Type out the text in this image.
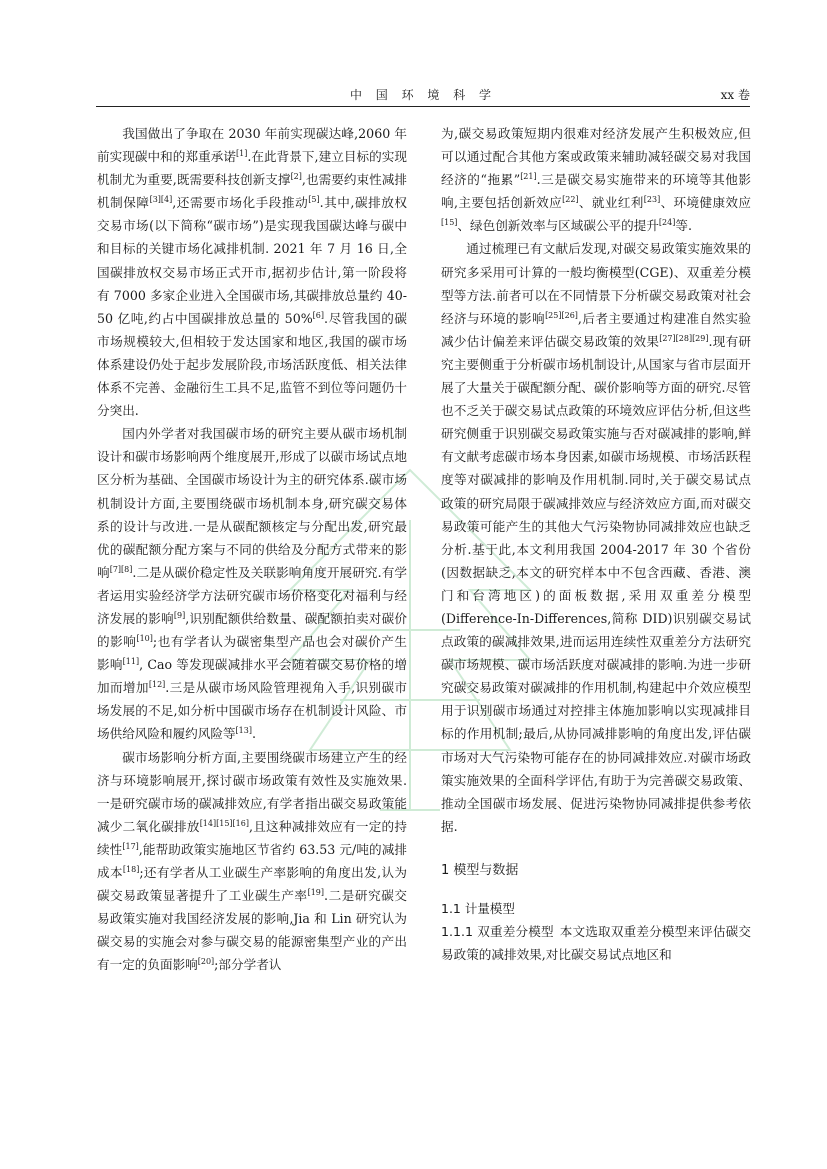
中 国 环 境 科 学	xx 卷

我国做出了争取在 2030 年前实现碳达峰,2060 年前实现碳中和的郑重承诺[1].在此背景下,建立目标的实现机制尤为重要,既需要科技创新支撑[2],也需要约束性减排机制保障[3][4],还需要市场化手段推动[5].其中,碳排放权交易市场(以下简称“碳市场”)是实现我国碳达峰与碳中和目标的关键市场化减排机制. 2021 年 7 月 16 日,全国碳排放权交易市场正式开市,据初步估计,第一阶段将有 7000 多家企业进入全国碳市场,其碳排放总量约 40-50 亿吨,约占中国碳排放总量的 50%[6].尽管我国的碳市场规模较大,但相较于发达国家和地区,我国的碳市场体系建设仍处于起步发展阶段,市场活跃度低、相关法律体系不完善、金融衍生工具不足,监管不到位等问题仍十分突出.

国内外学者对我国碳市场的研究主要从碳市场机制设计和碳市场影响两个维度展开,形成了以碳市场试点地区分析为基础、全国碳市场设计为主的研究体系.碳市场机制设计方面,主要围绕碳市场机制本身,研究碳交易体系的设计与改进.一是从碳配额核定与分配出发,研究最优的碳配额分配方案与不同的供给及分配方式带来的影响[7][8].二是从碳价稳定性及关联影响角度开展研究.有学者运用实验经济学方法研究碳市场价格变化对福利与经济发展的影响[9],识别配额供给数量、碳配额拍卖对碳价的影响[10];也有学者认为碳密集型产品也会对碳价产生影响[11], Cao 等发现碳减排水平会随着碳交易价格的增加而增加[12].三是从碳市场风险管理视角入手,识别碳市场发展的不足,如分析中国碳市场存在机制设计风险、市场供给风险和履约风险等[13].

碳市场影响分析方面,主要围绕碳市场建立产生的经济与环境影响展开,探讨碳市场政策有效性及实施效果.一是研究碳市场的碳减排效应,有学者指出碳交易政策能减少二氧化碳排放[14][15][16],且这种减排效应有一定的持续性[17],能帮助政策实施地区节省约 63.53 元/吨的减排成本[18];还有学者从工业碳生产率影响的角度出发,认为碳交易政策显著提升了工业碳生产率[19].二是研究碳交易政策实施对我国经济发展的影响,Jia 和 Lin 研究认为碳交易的实施会对参与碳交易的能源密集型产业的产出有一定的负面影响[20];部分学者认

为,碳交易政策短期内很难对经济发展产生积极效应,但可以通过配合其他方案或政策来辅助减轻碳交易对我国经济的“拖累”[21].三是碳交易实施带来的环境等其他影响,主要包括创新效应[22]、就业红利[23]、环境健康效应[15]、绿色创新效率与区域碳公平的提升[24]等.

通过梳理已有文献后发现,对碳交易政策实施效果的研究多采用可计算的一般均衡模型(CGE)、双重差分模型等方法.前者可以在不同情景下分析碳交易政策对社会经济与环境的影响[25][26],后者主要通过构建准自然实验减少估计偏差来评估碳交易政策的效果[27][28][29].现有研究主要侧重于分析碳市场机制设计,从国家与省市层面开展了大量关于碳配额分配、碳价影响等方面的研究.尽管也不乏关于碳交易试点政策的环境效应评估分析,但这些研究侧重于识别碳交易政策实施与否对碳减排的影响,鲜有文献考虑碳市场本身因素,如碳市场规模、市场活跃程度等对碳减排的影响及作用机制.同时,关于碳交易试点政策的研究局限于碳减排效应与经济效应方面,而对碳交易政策可能产生的其他大气污染物协同减排效应也缺乏分析.基于此,本文利用我国 2004-2017 年 30 个省份(因数据缺乏,本文的研究样本中不包含西藏、香港、澳门和台湾地区)的面板数据,采用双重差分模型(Difference-In-Differences,简称 DID)识别碳交易试点政策的碳减排效果,进而运用连续性双重差分方法研究碳市场规模、碳市场活跃度对碳减排的影响.为进一步研究碳交易政策对碳减排的作用机制,构建起中介效应模型用于识别碳市场通过对控排主体施加影响以实现减排目标的作用机制;最后,从协同减排影响的角度出发,评估碳市场对大气污染物可能存在的协同减排效应.对碳市场政策实施效果的全面科学评估,有助于为完善碳交易政策、推动全国碳市场发展、促进污染物协同减排提供参考依据.

1 模型与数据
1.1 计量模型

1.1.1 双重差分模型 本文选取双重差分模型来评估碳交易政策的减排效果,对比碳交易试点地区和
